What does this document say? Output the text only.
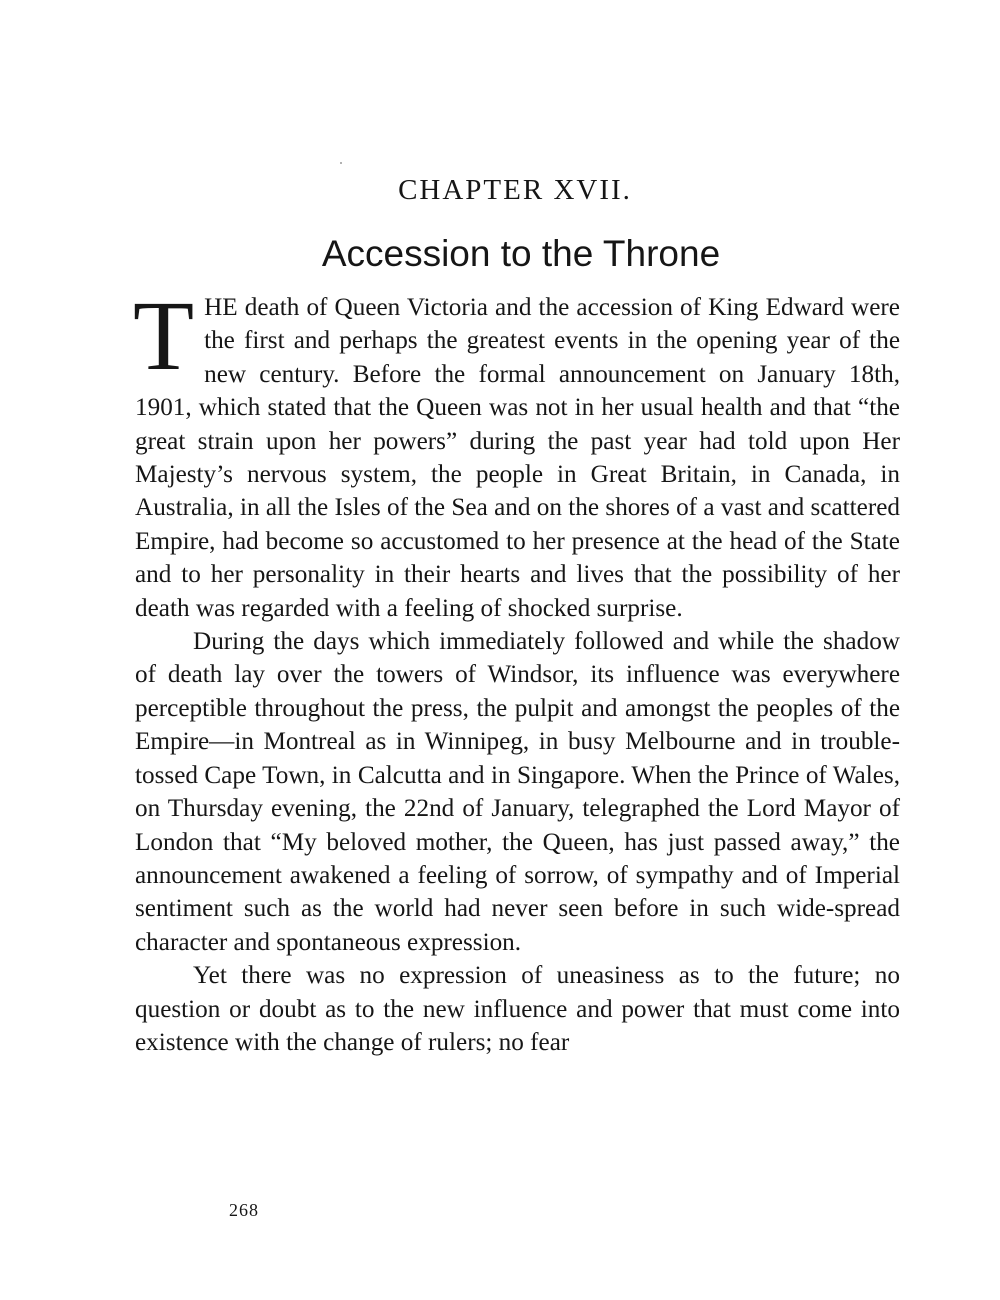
CHAPTER XVII.
Accession to the Throne

THE death of Queen Victoria and the accession of King Edward were the first and perhaps the greatest events in the opening year of the new century. Before the formal announcement on January 18th, 1901, which stated that the Queen was not in her usual health and that “the great strain upon her powers” during the past year had told upon Her Majesty’s nervous system, the people in Great Britain, in Canada, in Australia, in all the Isles of the Sea and on the shores of a vast and scattered Empire, had become so accustomed to her presence at the head of the State and to her personality in their hearts and lives that the possibility of her death was regarded with a feeling of shocked surprise.

During the days which immediately followed and while the shadow of death lay over the towers of Windsor, its influence was everywhere perceptible throughout the press, the pulpit and amongst the peoples of the Empire—in Montreal as in Winnipeg, in busy Melbourne and in trouble-tossed Cape Town, in Calcutta and in Singapore. When the Prince of Wales, on Thursday evening, the 22nd of January, telegraphed the Lord Mayor of London that “My beloved mother, the Queen, has just passed away,” the announcement awakened a feeling of sorrow, of sympathy and of Imperial sentiment such as the world had never seen before in such wide-spread character and spontaneous expression.

Yet there was no expression of uneasiness as to the future; no question or doubt as to the new influence and power that must come into existence with the change of rulers; no fear

268
